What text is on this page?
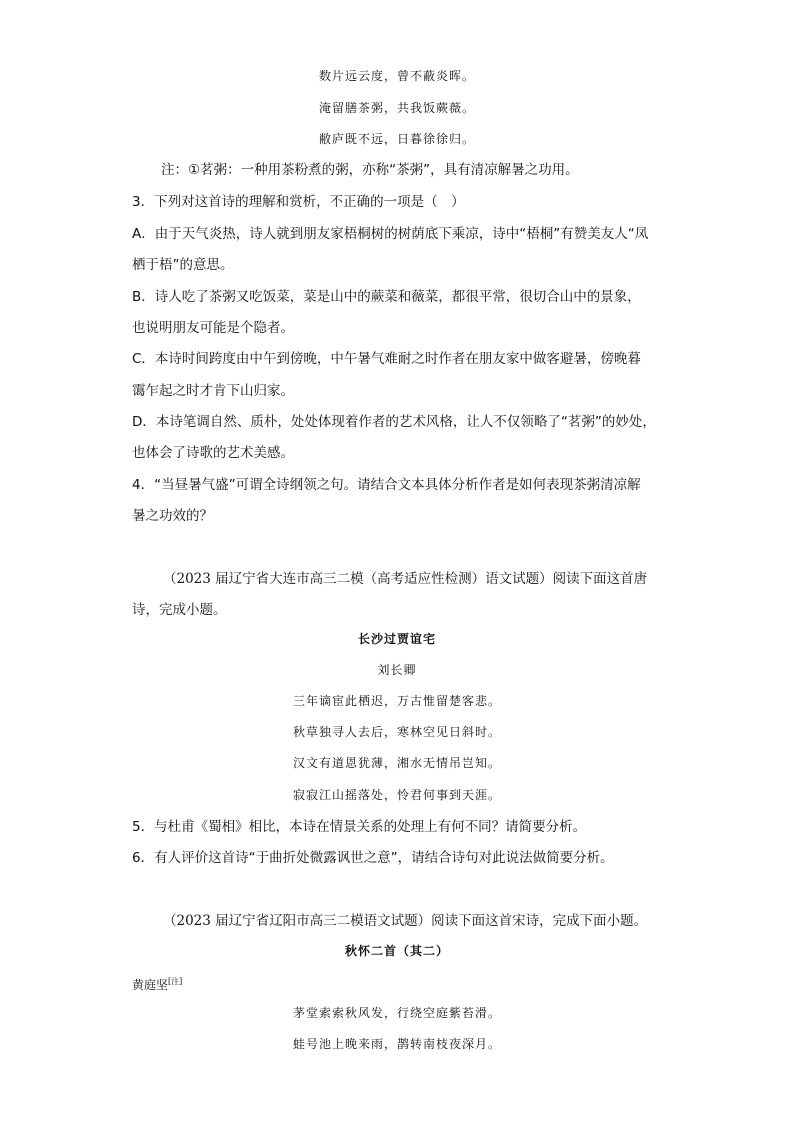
数片远云度，曾不蔽炎晖。
淹留膳茶粥，共我饭蕨薇。
敝庐既不远，日暮徐徐归。
注：①茗粥：一种用茶粉煮的粥，亦称“茶粥”，具有清凉解暑之功用。
3．下列对这首诗的理解和赏析，不正确的一项是（　）
A．由于天气炎热，诗人就到朋友家梧桐树的树荫底下乘凉，诗中“梧桐”有赞美友人“凤
栖于梧”的意思。
B．诗人吃了茶粥又吃饭菜，菜是山中的蕨菜和薇菜，都很平常，很切合山中的景象，
也说明朋友可能是个隐者。
C．本诗时间跨度由中午到傍晚，中午暑气难耐之时作者在朋友家中做客避暑，傍晚暮
霭乍起之时才肯下山归家。
D．本诗笔调自然、质朴，处处体现着作者的艺术风格，让人不仅领略了“茗粥”的妙处，
也体会了诗歌的艺术美感。
4．“当昼暑气盛”可谓全诗纲领之句。请结合文本具体分析作者是如何表现茶粥清凉解
暑之功效的？
（2023 届辽宁省大连市高三二模（高考适应性检测）语文试题）阅读下面这首唐
诗，完成小题。
长沙过贾谊宅
刘长卿
三年谪宦此栖迟，万古惟留楚客悲。
秋草独寻人去后，寒林空见日斜时。
汉文有道恩犹薄，湘水无情吊岂知。
寂寂江山摇落处，怜君何事到天涯。
5．与杜甫《蜀相》相比，本诗在情景关系的处理上有何不同？请简要分析。
6．有人评价这首诗“于曲折处微露讽世之意”，请结合诗句对此说法做简要分析。
（2023 届辽宁省辽阳市高三二模语文试题）阅读下面这首宋诗，完成下面小题。
秋怀二首（其二）
黄庭坚[注]
茅堂索索秋风发，行绕空庭紫苔滑。
蛙号池上晚来雨，鹊转南枝夜深月。
